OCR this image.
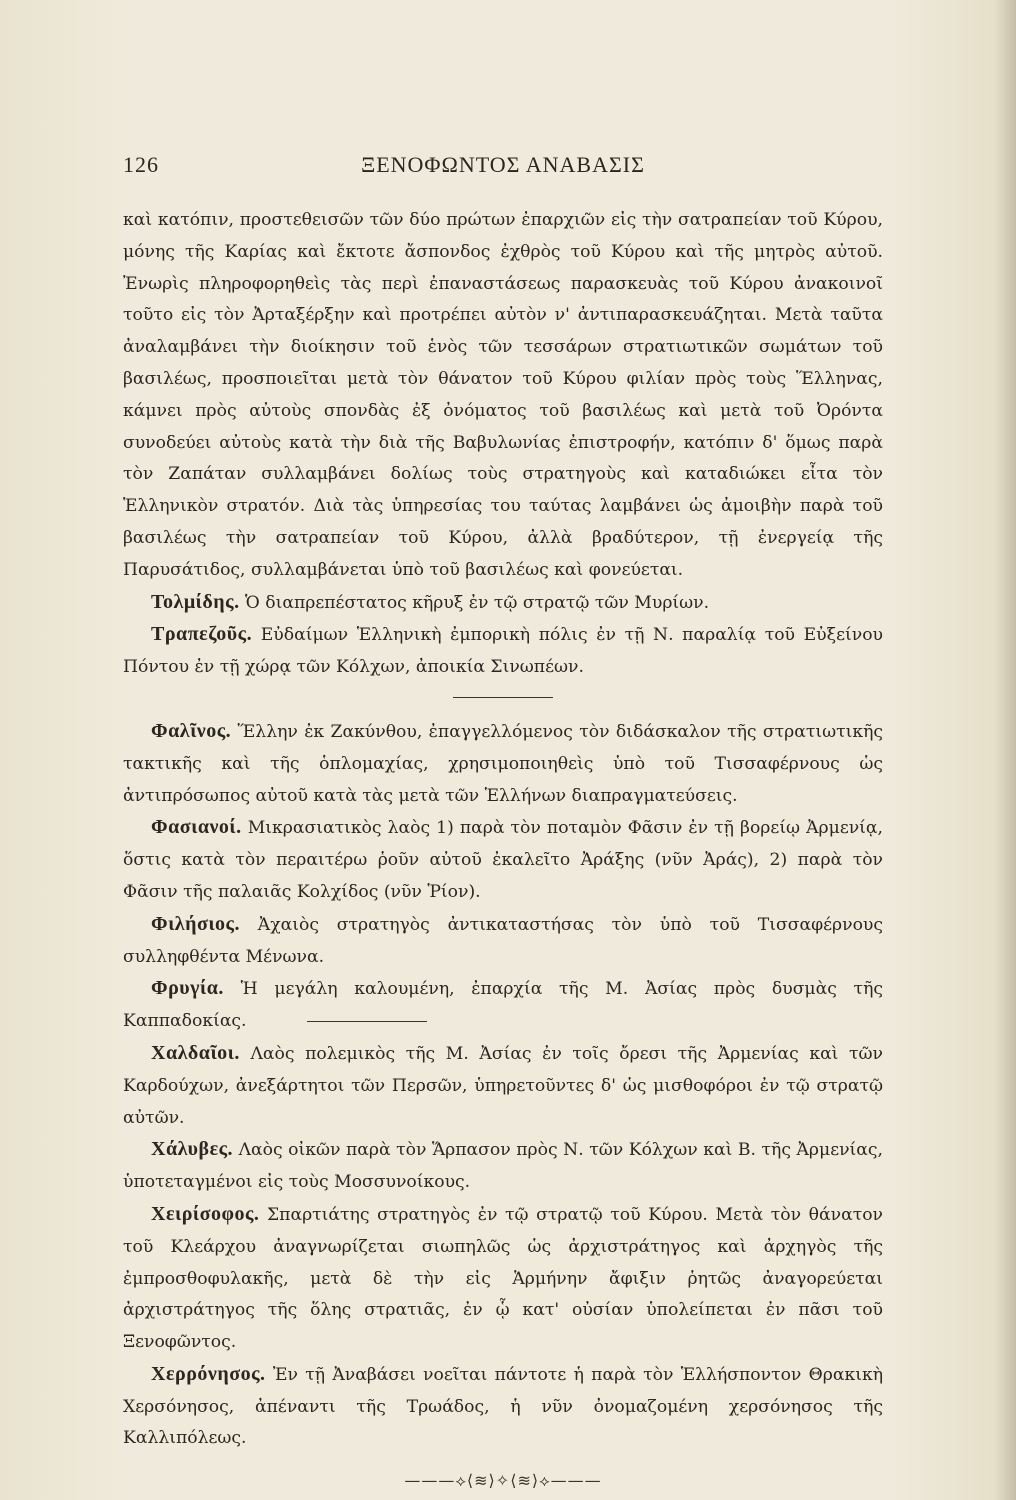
126	ΞΕΝΟΦΩΝΤΟΣ ΑΝΑΒΑΣΙΣ

καὶ κατόπιν, προστεθεισῶν τῶν δύο πρώτων ἐπαρχιῶν εἰς τὴν σατραπείαν τοῦ Κύρου, μόνης τῆς Καρίας καὶ ἔκτοτε ἄσπονδος ἐχθρὸς τοῦ Κύρου καὶ τῆς μητρὸς αὐτοῦ. Ἐνωρὶς πληροφορηθεὶς τὰς περὶ ἐπαναστάσεως παρασκευὰς τοῦ Κύρου ἀνακοινοῖ τοῦτο εἰς τὸν Ἀρταξέρξην καὶ προτρέπει αὐτὸν ν' ἀντιπαρασκευάζηται. Μετὰ ταῦτα ἀναλαμβάνει τὴν διοίκησιν τοῦ ἑνὸς τῶν τεσσάρων στρατιωτικῶν σωμάτων τοῦ βασιλέως, προσποιεῖται μετὰ τὸν θάνατον τοῦ Κύρου φιλίαν πρὸς τοὺς Ἕλληνας, κάμνει πρὸς αὐτοὺς σπονδὰς ἐξ ὀνόματος τοῦ βασιλέως καὶ μετὰ τοῦ Ὀρόντα συνοδεύει αὐτοὺς κατὰ τὴν διὰ τῆς Βαβυλωνίας ἐπιστροφήν, κατόπιν δ' ὅμως παρὰ τὸν Ζαπάταν συλλαμβάνει δολίως τοὺς στρατηγοὺς καὶ καταδιώκει εἶτα τὸν Ἑλληνικὸν στρατόν. Διὰ τὰς ὑπηρεσίας του ταύτας λαμβάνει ὡς ἀμοιβὴν παρὰ τοῦ βασιλέως τὴν σατραπείαν τοῦ Κύρου, ἀλλὰ βραδύτερον, τῇ ἐνεργείᾳ τῆς Παρυσάτιδος, συλλαμβάνεται ὑπὸ τοῦ βασιλέως καὶ φονεύεται.

Τολμίδης. Ὁ διαπρεπέστατος κῆρυξ ἐν τῷ στρατῷ τῶν Μυρίων.

Τραπεζοῦς. Εὐδαίμων Ἑλληνικὴ ἐμπορικὴ πόλις ἐν τῇ Ν. παραλίᾳ τοῦ Εὐξείνου Πόντου ἐν τῇ χώρᾳ τῶν Κόλχων, ἀποικία Σινωπέων.

Φαλῖνος. Ἕλλην ἐκ Ζακύνθου, ἐπαγγελλόμενος τὸν διδάσκαλον τῆς στρατιωτικῆς τακτικῆς καὶ τῆς ὁπλομαχίας, χρησιμοποιηθεὶς ὑπὸ τοῦ Τισσαφέρνους ὡς ἀντιπρόσωπος αὐτοῦ κατὰ τὰς μετὰ τῶν Ἑλλήνων διαπραγματεύσεις.

Φασιανοί. Μικρασιατικὸς λαὸς 1) παρὰ τὸν ποταμὸν Φᾶσιν ἐν τῇ βορείῳ Ἀρμενίᾳ, ὅστις κατὰ τὸν περαιτέρω ῥοῦν αὐτοῦ ἐκαλεῖτο Ἀράξης (νῦν Ἀράς), 2) παρὰ τὸν Φᾶσιν τῆς παλαιᾶς Κολχίδος (νῦν Ῥίον).

Φιλήσιος. Ἀχαιὸς στρατηγὸς ἀντικαταστήσας τὸν ὑπὸ τοῦ Τισσαφέρνους συλληφθέντα Μένωνα.

Φρυγία. Ἡ μεγάλη καλουμένη, ἐπαρχία τῆς Μ. Ἀσίας πρὸς δυσμὰς τῆς Καππαδοκίας.

Χαλδαῖοι. Λαὸς πολεμικὸς τῆς Μ. Ἀσίας ἐν τοῖς ὄρεσι τῆς Ἀρμενίας καὶ τῶν Καρδούχων, ἀνεξάρτητοι τῶν Περσῶν, ὑπηρετοῦντες δ' ὡς μισθοφόροι ἐν τῷ στρατῷ αὐτῶν.

Χάλυβες. Λαὸς οἰκῶν παρὰ τὸν Ἅρπασον πρὸς Ν. τῶν Κόλχων καὶ Β. τῆς Ἀρμενίας, ὑποτεταγμένοι εἰς τοὺς Μοσσυνοίκους.

Χειρίσοφος. Σπαρτιάτης στρατηγὸς ἐν τῷ στρατῷ τοῦ Κύρου. Μετὰ τὸν θάνατον τοῦ Κλεάρχου ἀναγνωρίζεται σιωπηλῶς ὡς ἀρχιστράτηγος καὶ ἀρχηγὸς τῆς ἐμπροσθοφυλακῆς, μετὰ δὲ τὴν εἰς Ἁρμήνην ἄφιξιν ῥητῶς ἀναγορεύεται ἀρχιστράτηγος τῆς ὅλης στρατιᾶς, ἐν ᾧ κατ' οὐσίαν ὑπολείπεται ἐν πᾶσι τοῦ Ξενοφῶντος.

Χερρόνησος. Ἐν τῇ Ἀναβάσει νοεῖται πάντοτε ἡ παρὰ τὸν Ἑλλήσποντον Θρακικὴ Χερσόνησος, ἀπέναντι τῆς Τρωάδος, ἡ νῦν ὀνομαζομένη χερσόνησος τῆς Καλλιπόλεως.

———⟡⟨≋⟩✧⟨≋⟩⟡———
